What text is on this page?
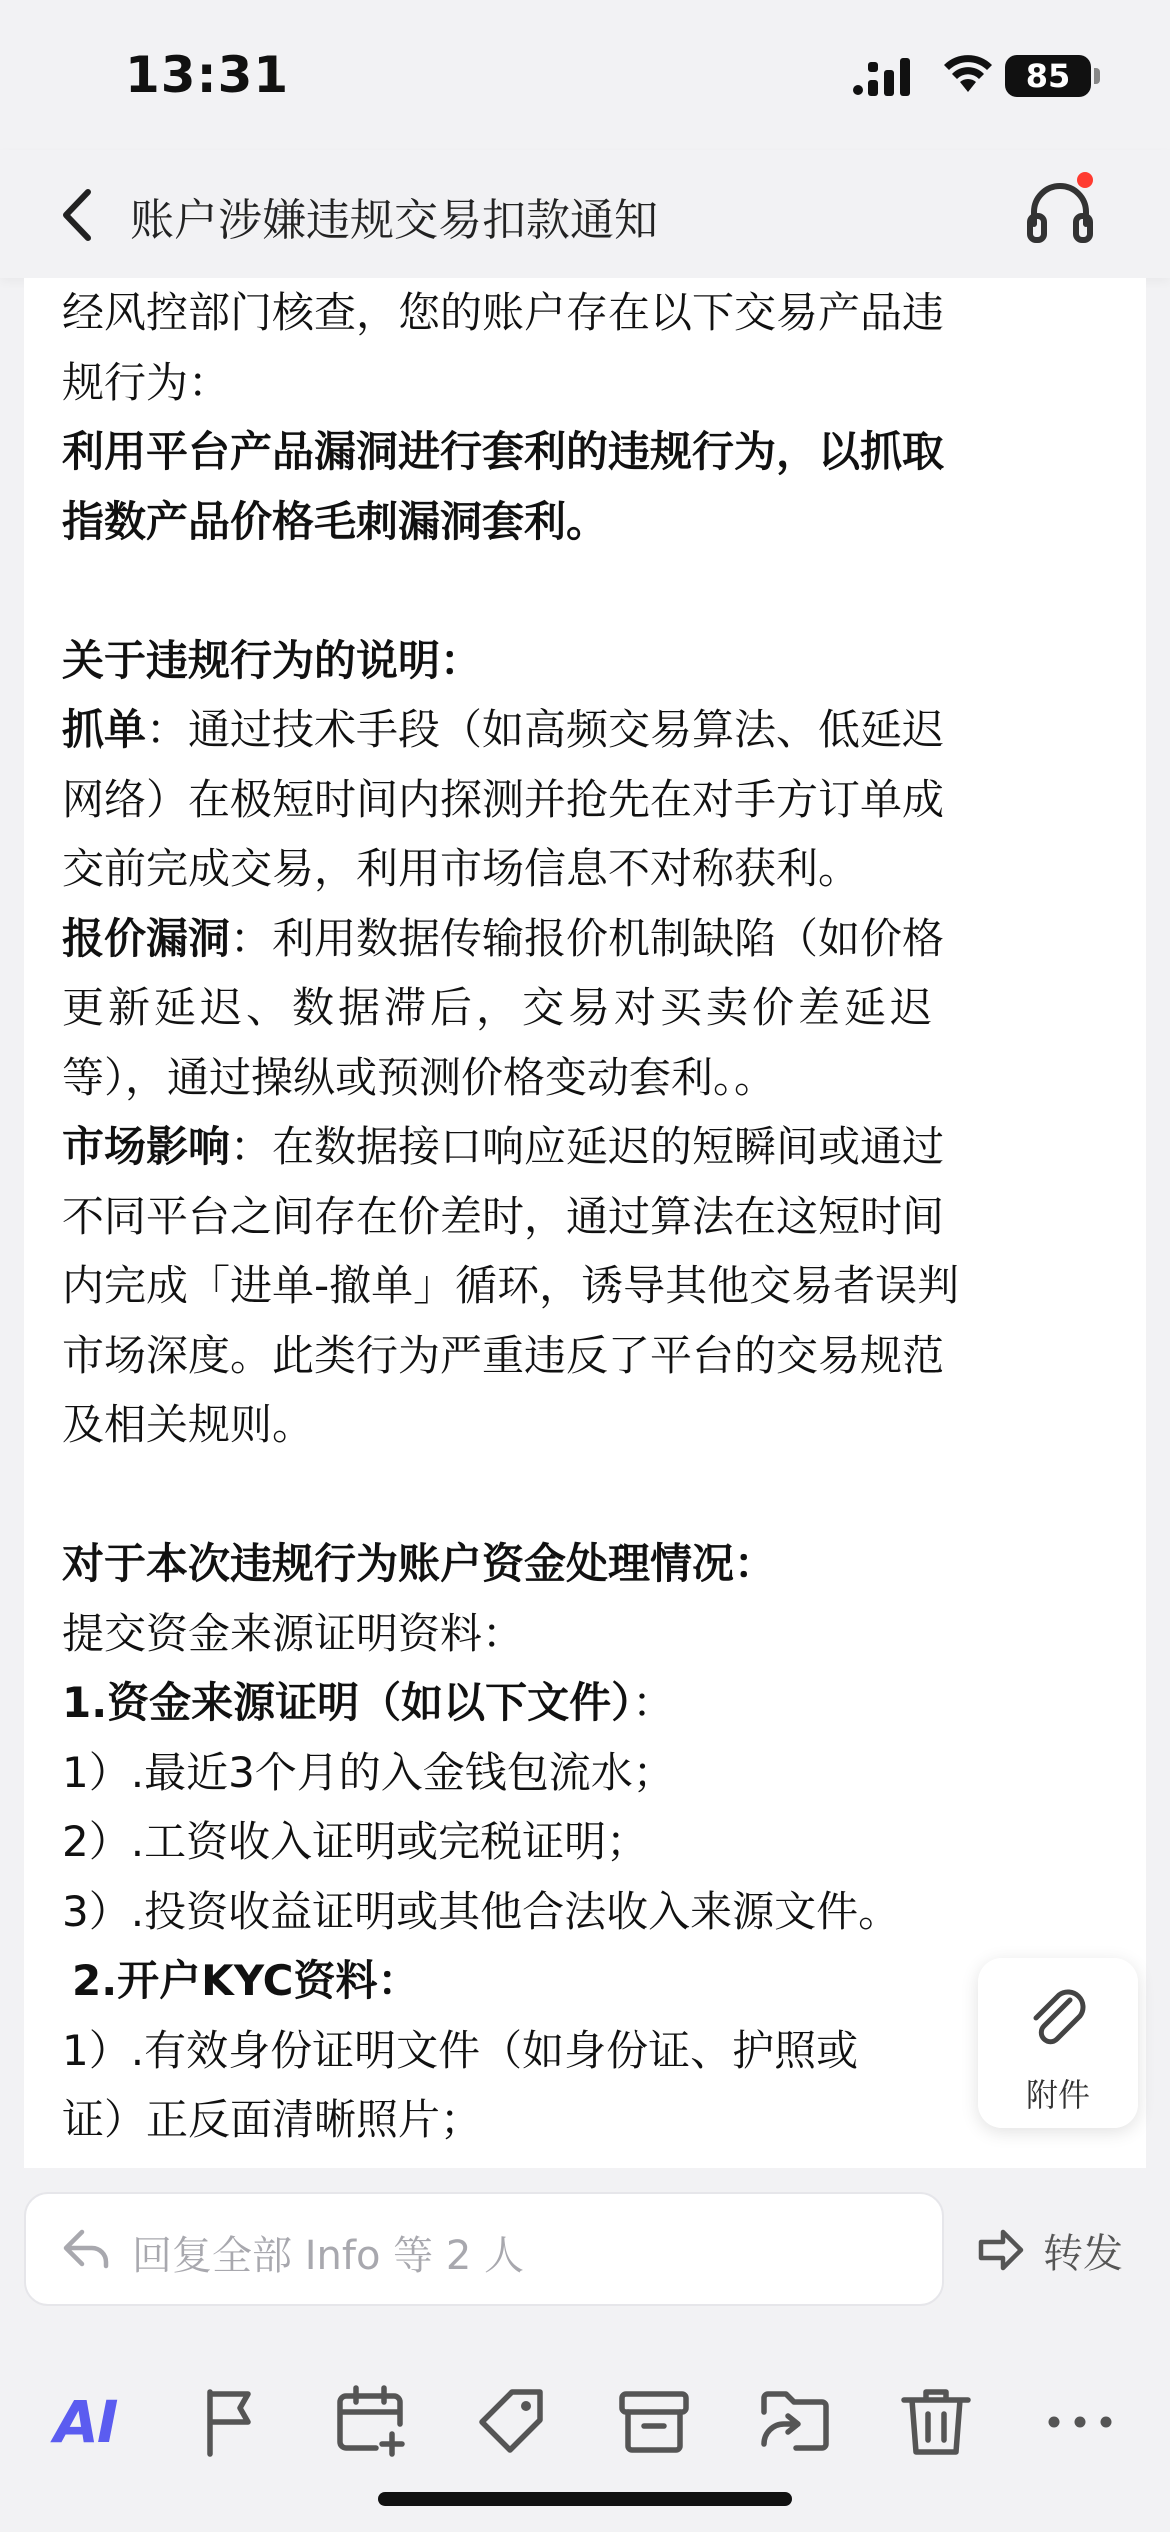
13:31	85
账户涉嫌违规交易扣款通知

经风控部门核查，您的账户存在以下交易产品违

规行为：

利用平台产品漏洞进行套利的违规行为，以抓取

指数产品价格毛刺漏洞套利。

关于违规行为的说明：

抓单：通过技术手段（如高频交易算法、低延迟

网络）在极短时间内探测并抢先在对手方订单成

交前完成交易，利用市场信息不对称获利。

报价漏洞：利用数据传输报价机制缺陷（如价格

更新延迟、数据滞后，交易对买卖价差延迟

等），通过操纵或预测价格变动套利。。

市场影响：在数据接口响应延迟的短瞬间或通过

不同平台之间存在价差时，通过算法在这短时间

内完成「进单-撤单」循环，诱导其他交易者误判

市场深度。此类行为严重违反了平台的交易规范

及相关规则。

对于本次违规行为账户资金处理情况：

提交资金来源证明资料：

1.资金来源证明（如以下文件）：

1）.最近3个月的入金钱包流水；

2）.工资收入证明或完税证明；

3）.投资收益证明或其他合法收入来源文件。

2.开户KYC资料：

1）.有效身份证明文件（如身份证、护照或

证）正反面清晰照片；	附件
回复全部 Info 等 2 人	转发
AI
